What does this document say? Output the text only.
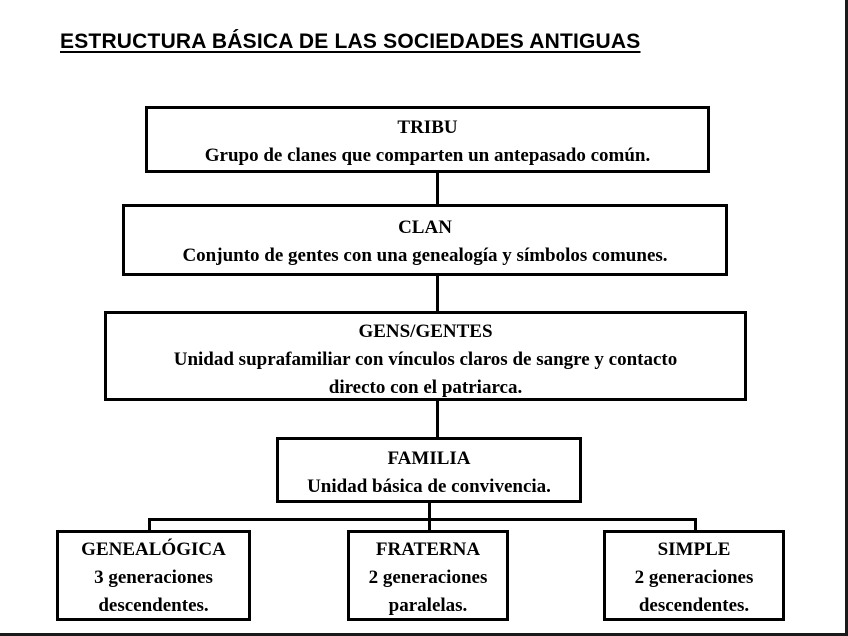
ESTRUCTURA BÁSICA DE LAS SOCIEDADES ANTIGUAS
TRIBU
Grupo de clanes que comparten un antepasado común.
CLAN
Conjunto de gentes con una genealogía y símbolos comunes.
GENS/GENTES
Unidad suprafamiliar con vínculos claros de sangre y contacto
directo con el patriarca.
FAMILIA
Unidad básica de convivencia.
GENEALÓGICA
3 generaciones
descendentes.
FRATERNA
2 generaciones
paralelas.
SIMPLE
2 generaciones
descendentes.
